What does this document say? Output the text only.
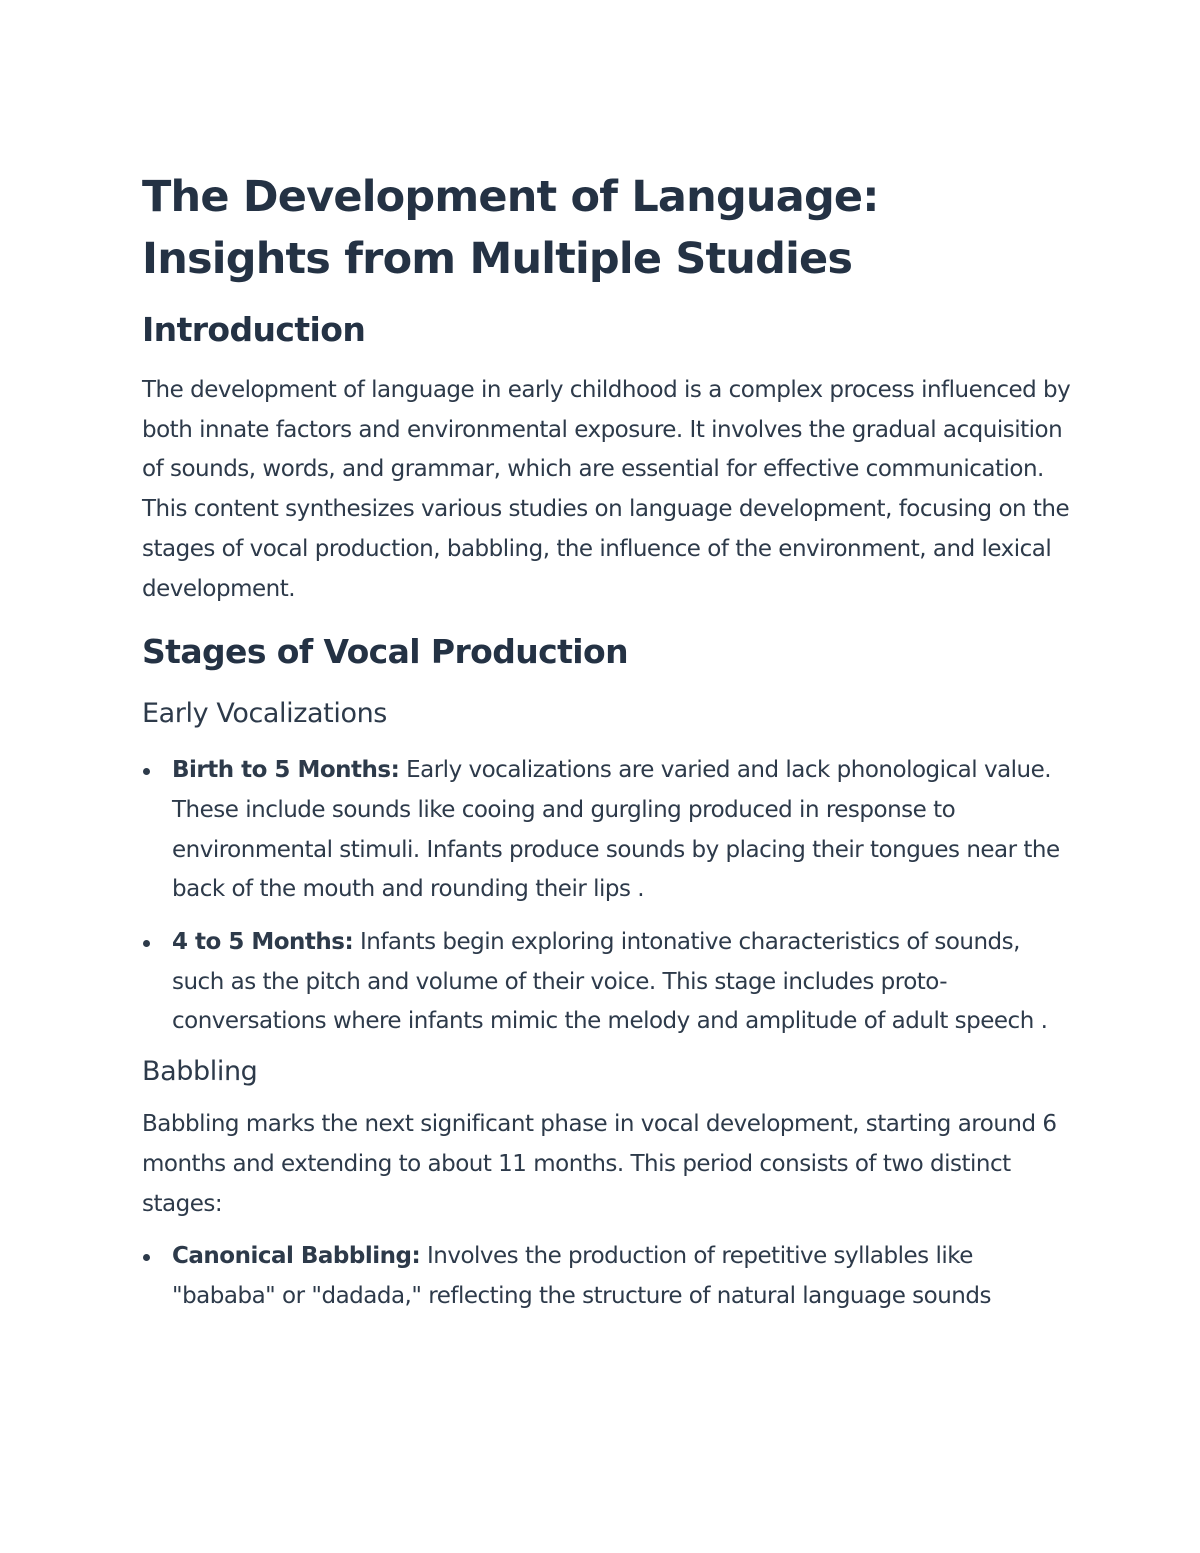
The Development of Language: Insights from Multiple Studies
Introduction

The development of language in early childhood is a complex process influenced by both innate factors and environmental exposure. It involves the gradual acquisition of sounds, words, and grammar, which are essential for effective communication. This content synthesizes various studies on language development, focusing on the stages of vocal production, babbling, the influence of the environment, and lexical development.

Stages of Vocal Production
Early Vocalizations
Birth to 5 Months: Early vocalizations are varied and lack phonological value. These include sounds like cooing and gurgling produced in response to environmental stimuli. Infants produce sounds by placing their tongues near the back of the mouth and rounding their lips .
4 to 5 Months: Infants begin exploring intonative characteristics of sounds, such as the pitch and volume of their voice. This stage includes proto-conversations where infants mimic the melody and amplitude of adult speech .
Babbling

Babbling marks the next significant phase in vocal development, starting around 6 months and extending to about 11 months. This period consists of two distinct stages:

Canonical Babbling: Involves the production of repetitive syllables like "bababa" or "dadada," reflecting the structure of natural language sounds
